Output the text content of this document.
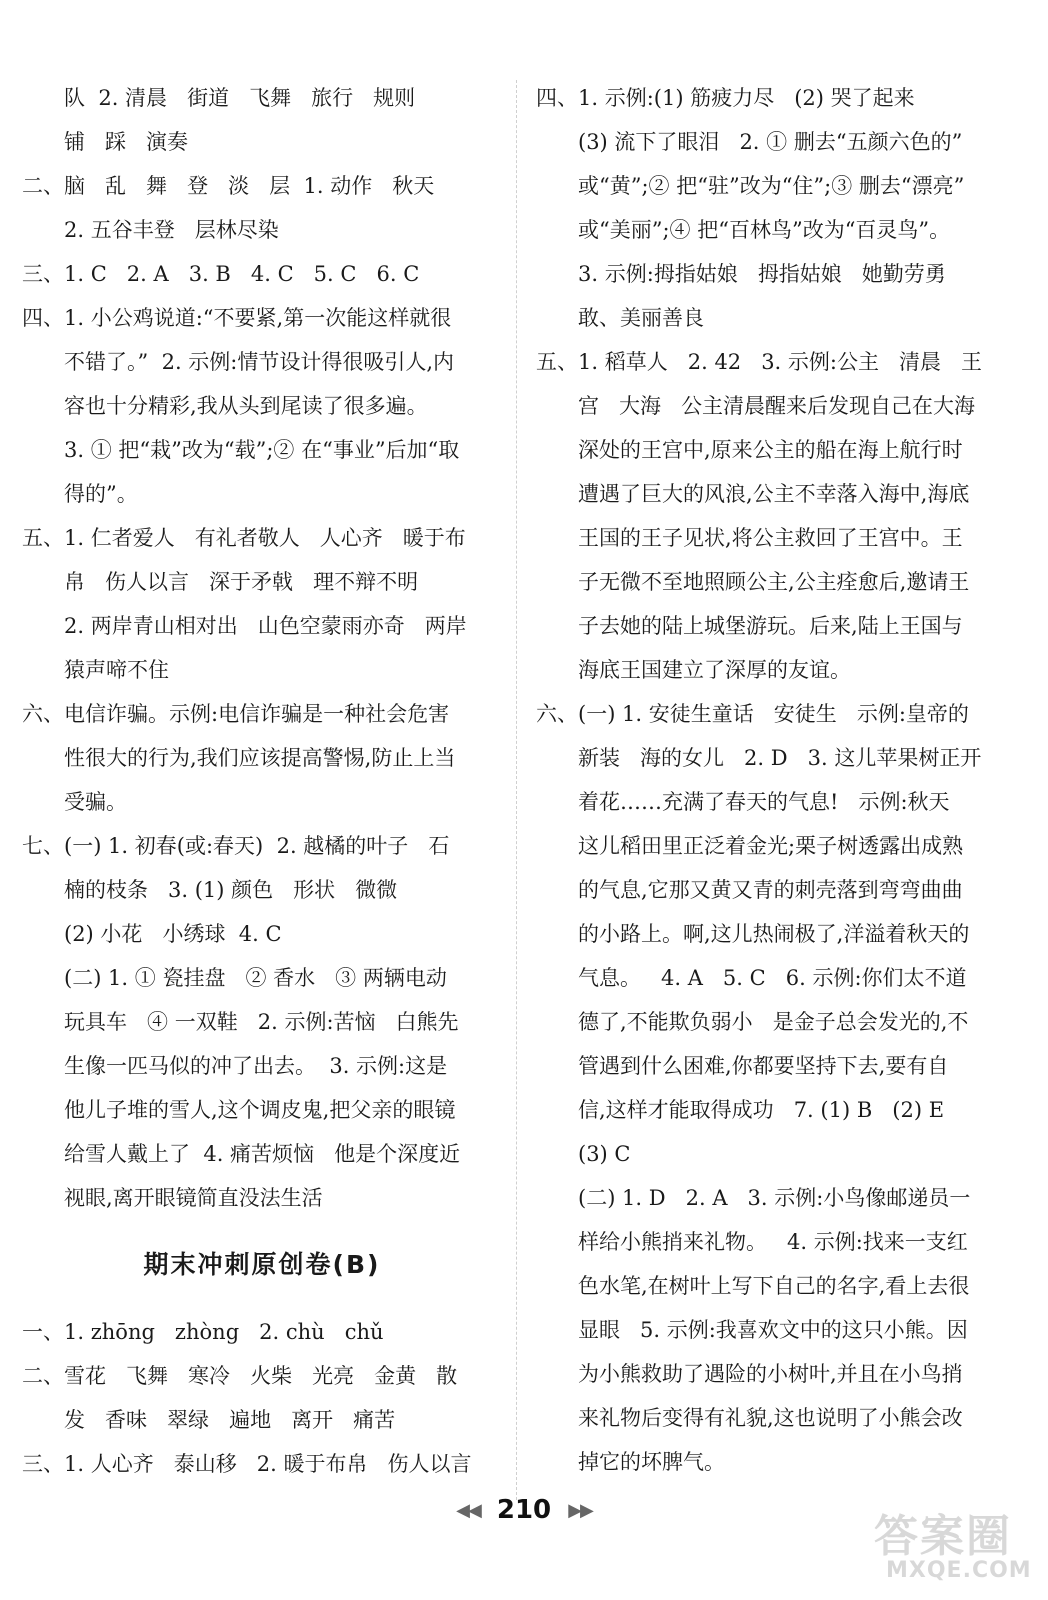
队  2. 清晨   街道   飞舞   旅行   规则
铺   踩   演奏
二、脑   乱   舞   登   淡   层  1. 动作   秋天
2. 五谷丰登   层林尽染
三、1. C   2. A   3. B   4. C   5. C   6. C
四、1. 小公鸡说道:“不要紧,第一次能这样就很
不错了。”  2. 示例:情节设计得很吸引人,内
容也十分精彩,我从头到尾读了很多遍。
3. ① 把“栽”改为“载”;② 在“事业”后加“取
得的”。
五、1. 仁者爱人   有礼者敬人   人心齐   暖于布
帛   伤人以言   深于矛戟   理不辩不明
2. 两岸青山相对出   山色空蒙雨亦奇   两岸
猿声啼不住
六、电信诈骗。示例:电信诈骗是一种社会危害
性很大的行为,我们应该提高警惕,防止上当
受骗。
七、(一) 1. 初春(或:春天)  2. 越橘的叶子   石
楠的枝条   3. (1) 颜色   形状   微微
(2) 小花   小绣球  4. C
(二) 1. ① 瓷挂盘   ② 香水   ③ 两辆电动
玩具车   ④ 一双鞋   2. 示例:苦恼   白熊先
生像一匹马似的冲了出去。  3. 示例:这是
他儿子堆的雪人,这个调皮鬼,把父亲的眼镜
给雪人戴上了  4. 痛苦烦恼   他是个深度近
视眼,离开眼镜简直没法生活
期末冲刺原创卷(B)
一、1. zhōng   zhòng   2. chù   chǔ
二、雪花   飞舞   寒冷   火柴   光亮   金黄   散
发   香味   翠绿   遍地   离开   痛苦
三、1. 人心齐   泰山移   2. 暖于布帛   伤人以言
四、1. 示例:(1) 筋疲力尽   (2) 哭了起来
(3) 流下了眼泪   2. ① 删去“五颜六色的”
或“黄”;② 把“驻”改为“住”;③ 删去“漂亮”
或“美丽”;④ 把“百林鸟”改为“百灵鸟”。
3. 示例:拇指姑娘   拇指姑娘   她勤劳勇
敢、美丽善良
五、1. 稻草人   2. 42   3. 示例:公主   清晨   王
宫   大海   公主清晨醒来后发现自己在大海
深处的王宫中,原来公主的船在海上航行时
遭遇了巨大的风浪,公主不幸落入海中,海底
王国的王子见状,将公主救回了王宫中。王
子无微不至地照顾公主,公主痊愈后,邀请王
子去她的陆上城堡游玩。后来,陆上王国与
海底王国建立了深厚的友谊。
六、(一) 1. 安徒生童话   安徒生   示例:皇帝的
新装   海的女儿   2. D   3. 这儿苹果树正开
着花……充满了春天的气息!   示例:秋天
这儿稻田里正泛着金光;栗子树透露出成熟
的气息,它那又黄又青的刺壳落到弯弯曲曲
的小路上。啊,这儿热闹极了,洋溢着秋天的
气息。   4. A   5. C   6. 示例:你们太不道
德了,不能欺负弱小   是金子总会发光的,不
管遇到什么困难,你都要坚持下去,要有自
信,这样才能取得成功   7. (1) B   (2) E
(3) C
(二) 1. D   2. A   3. 示例:小鸟像邮递员一
样给小熊捎来礼物。   4. 示例:找来一支红
色水笔,在树叶上写下自己的名字,看上去很
显眼   5. 示例:我喜欢文中的这只小熊。因
为小熊救助了遇险的小树叶,并且在小鸟捎
来礼物后变得有礼貌,这也说明了小熊会改
掉它的坏脾气。
◀◀ 210 ▶▶
答案圈
MXQE.COM
